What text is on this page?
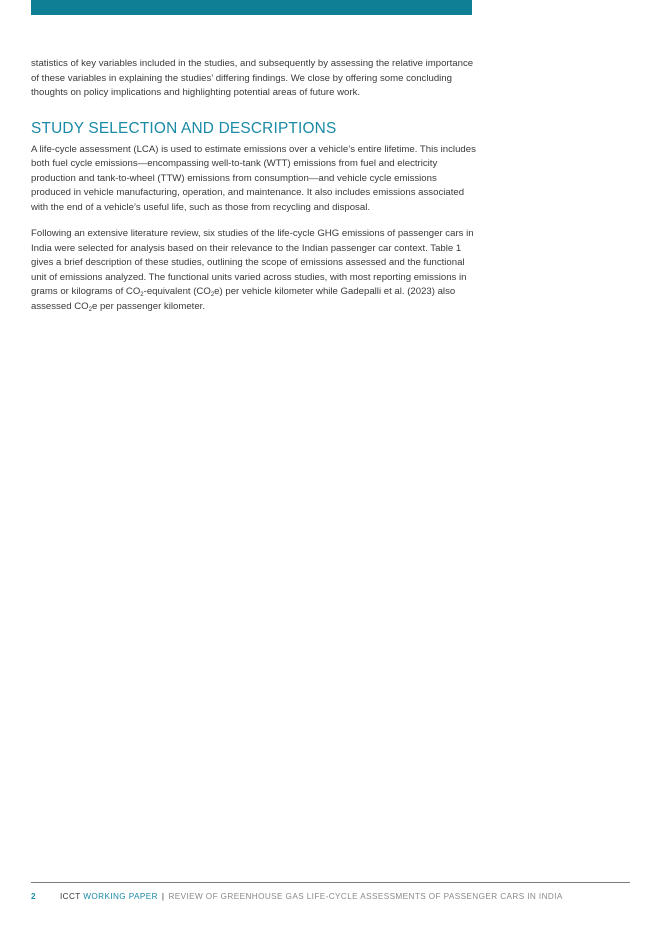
statistics of key variables included in the studies, and subsequently by assessing the relative importance of these variables in explaining the studies’ differing findings. We close by offering some concluding thoughts on policy implications and highlighting potential areas of future work.

STUDY SELECTION AND DESCRIPTIONS

A life-cycle assessment (LCA) is used to estimate emissions over a vehicle’s entire lifetime. This includes both fuel cycle emissions—encompassing well-to-tank (WTT) emissions from fuel and electricity production and tank-to-wheel (TTW) emissions from consumption—and vehicle cycle emissions produced in vehicle manufacturing, operation, and maintenance. It also includes emissions associated with the end of a vehicle’s useful life, such as those from recycling and disposal.

Following an extensive literature review, six studies of the life-cycle GHG emissions of passenger cars in India were selected for analysis based on their relevance to the Indian passenger car context. Table 1 gives a brief description of these studies, outlining the scope of emissions assessed and the functional unit of emissions analyzed. The functional units varied across studies, with most reporting emissions in grams or kilograms of $CO_2$-equivalent $(CO_2e)$ per vehicle kilometer while Gadepalli et al. (2023) also assessed $CO_2e$ per passenger kilometer.

2	ICCT WORKING PAPER | REVIEW OF GREENHOUSE GAS LIFE-CYCLE ASSESSMENTS OF PASSENGER CARS IN INDIA
